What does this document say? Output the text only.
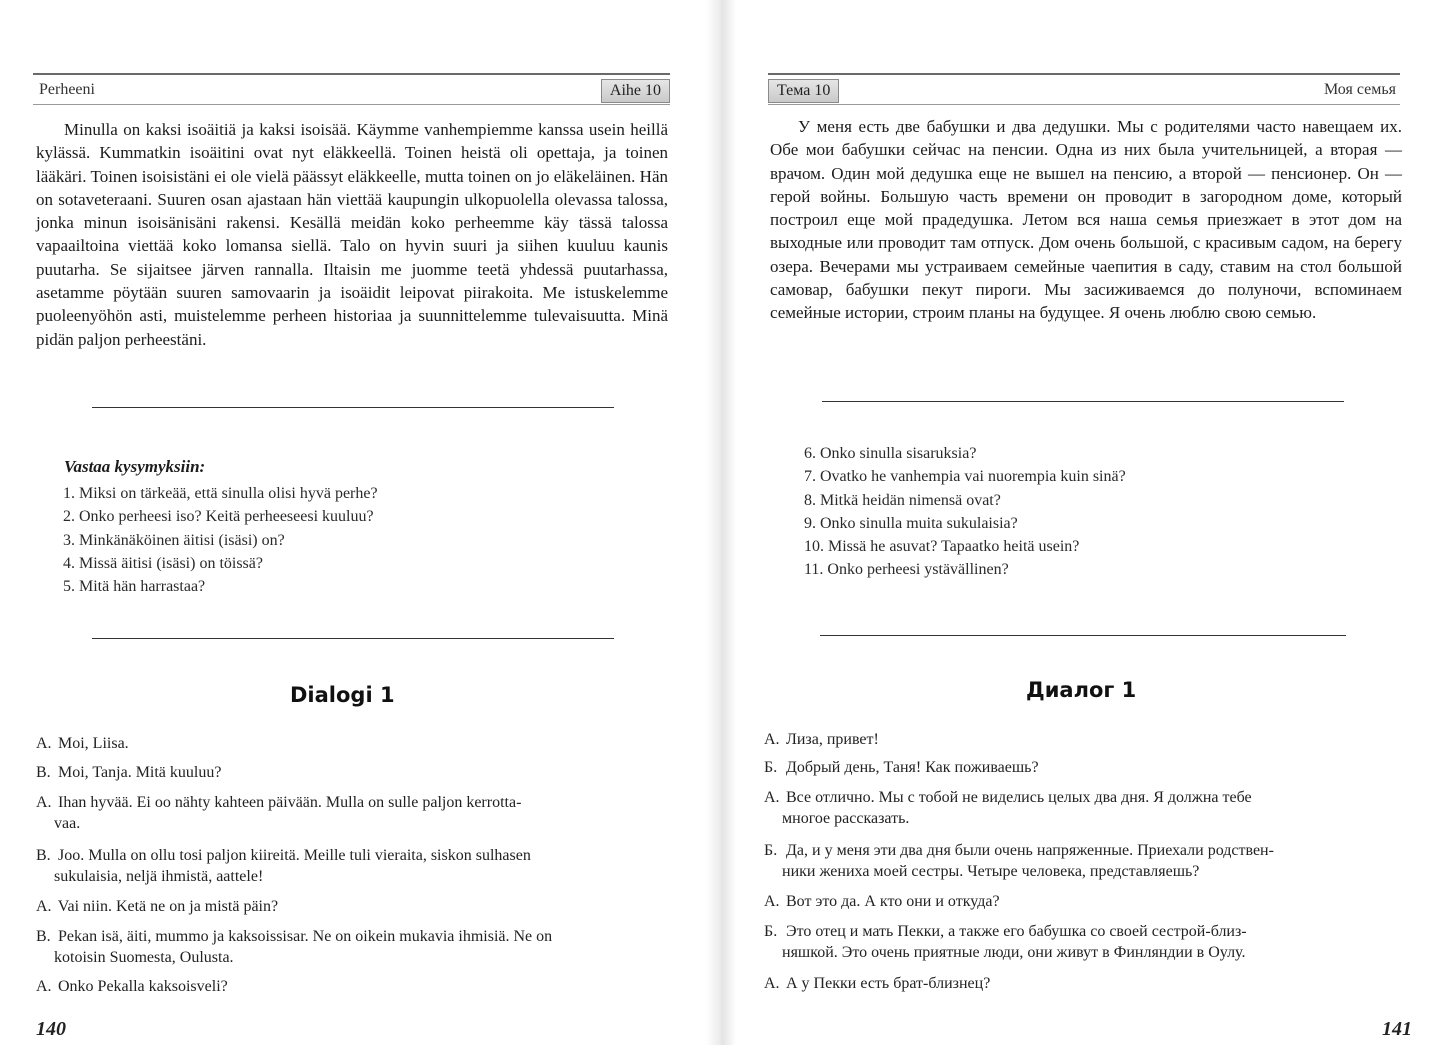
Perheeni	Aihe 10

Minulla on kaksi isoäitiä ja kaksi isoisää. Käymme vanhempiemme kanssa usein heillä kylässä. Kummatkin isoäitini ovat nyt eläkkeellä. Toinen heistä oli opettaja, ja toinen lääkäri. Toinen isoisistäni ei ole vielä päässyt eläkkeelle, mutta toinen on jo eläkeläinen. Hän on sotaveteraani. Suuren osan ajastaan hän viettää kaupungin ulkopuolella olevassa talossa, jonka minun isoisänisäni rakensi. Kesällä meidän koko perheemme käy tässä talossa vapaailtoina viettää koko lomansa siellä. Talo on hyvin suuri ja siihen kuuluu kaunis puutarha. Se sijaitsee järven rannalla. Iltaisin me juomme teetä yhdessä puutarhassa, asetamme pöytään suuren samovaarin ja isoäidit leipovat piirakoita. Me istuskelemme puoleenyöhön asti, muistelemme perheen historiaa ja suunnittelemme tulevaisuutta. Minä pidän paljon perheestäni.

Vastaa kysymyksiin:
1. Miksi on tärkeää, että sinulla olisi hyvä perhe?
2. Onko perheesi iso? Keitä perheeseesi kuuluu?
3. Minkänäköinen äitisi (isäsi) on?
4. Missä äitisi (isäsi) on töissä?
5. Mitä hän harrastaa?
Dialogi 1
A. Moi, Liisa.
B. Moi, Tanja. Mitä kuuluu?
A. Ihan hyvää. Ei oo nähty kahteen päivään. Mulla on sulle paljon kerrotta-
vaa.
B. Joo. Mulla on ollu tosi paljon kiireitä. Meille tuli vieraita, siskon sulhasen
sukulaisia, neljä ihmistä, aattele!
A. Vai niin. Ketä ne on ja mistä päin?
B. Pekan isä, äiti, mummo ja kaksoissisar. Ne on oikein mukavia ihmisiä. Ne on
kotoisin Suomesta, Oulusta.
A. Onko Pekalla kaksoisveli?
140
Тема 10	Моя семья

У меня есть две бабушки и два дедушки. Мы с родителями часто навещаем их. Обе мои бабушки сейчас на пенсии. Одна из них была учительницей, а вторая — врачом. Один мой дедушка еще не вышел на пенсию, а второй — пенсионер. Он — герой войны. Большую часть времени он проводит в загородном доме, который построил еще мой прадедушка. Летом вся наша семья приезжает в этот дом на выходные или проводит там отпуск. Дом очень большой, с красивым садом, на берегу озера. Вечерами мы устраиваем семейные чаепития в саду, ставим на стол большой самовар, бабушки пекут пироги. Мы засиживаемся до полуночи, вспоминаем семейные истории, строим планы на будущее. Я очень люблю свою семью.

6. Onko sinulla sisaruksia?
7. Ovatko he vanhempia vai nuorempia kuin sinä?
8. Mitkä heidän nimensä ovat?
9. Onko sinulla muita sukulaisia?
10. Missä he asuvat? Tapaatko heitä usein?
11. Onko perheesi ystävällinen?
Диалог 1
А. Лиза, привет!
Б. Добрый день, Таня! Как поживаешь?
А. Все отлично. Мы с тобой не виделись целых два дня. Я должна тебе
многое рассказать.
Б. Да, и у меня эти два дня были очень напряженные. Приехали родствен-
ники жениха моей сестры. Четыре человека, представляешь?
А. Вот это да. А кто они и откуда?
Б. Это отец и мать Пекки, а также его бабушка со своей сестрой-близ-
няшкой. Это очень приятные люди, они живут в Финляндии в Оулу.
А. А у Пекки есть брат-близнец?
141
